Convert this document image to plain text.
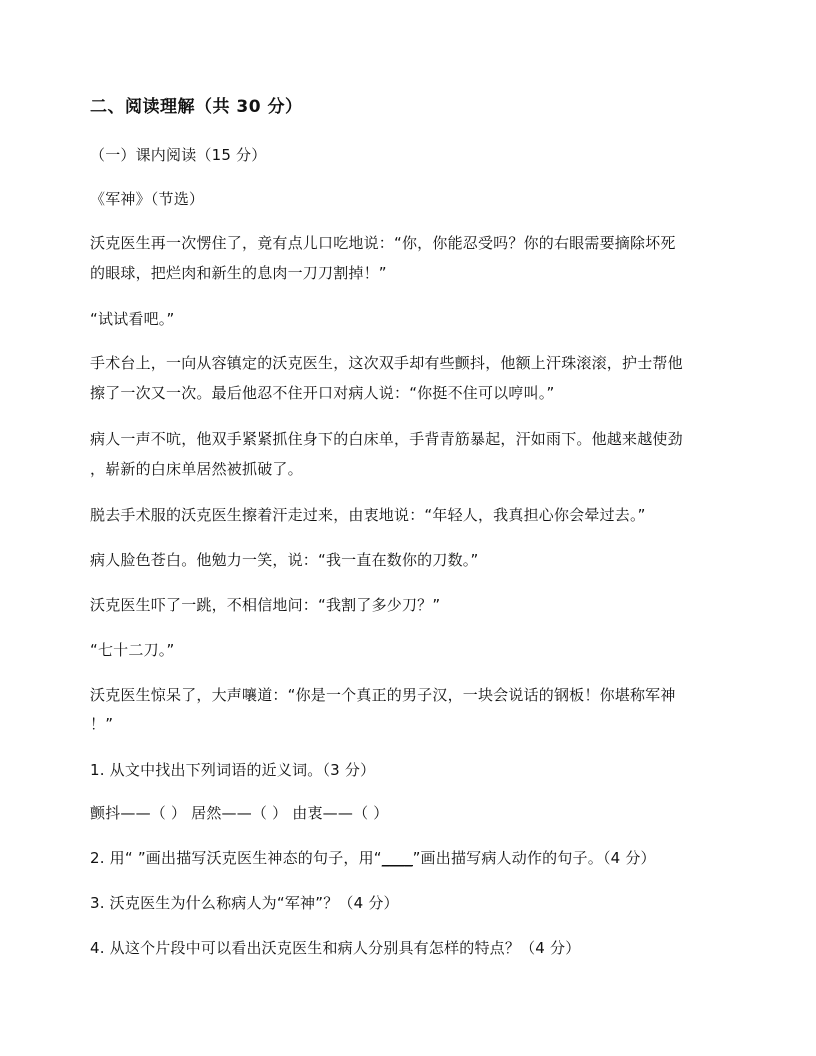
二、阅读理解（共 30 分）
（一）课内阅读（15 分）
《军神》（节选）
沃克医生再一次愣住了，竟有点儿口吃地说：“你，你能忍受吗？你的右眼需要摘除坏死
的眼球，把烂肉和新生的息肉一刀刀割掉！”
“试试看吧。”
手术台上，一向从容镇定的沃克医生，这次双手却有些颤抖，他额上汗珠滚滚，护士帮他
擦了一次又一次。最后他忍不住开口对病人说：“你挺不住可以哼叫。”
病人一声不吭，他双手紧紧抓住身下的白床单，手背青筋暴起，汗如雨下。他越来越使劲
，崭新的白床单居然被抓破了。
脱去手术服的沃克医生擦着汗走过来，由衷地说：“年轻人，我真担心你会晕过去。”
病人脸色苍白。他勉力一笑，说：“我一直在数你的刀数。”
沃克医生吓了一跳，不相信地问：“我割了多少刀？”
“七十二刀。”
沃克医生惊呆了，大声嚷道：“你是一个真正的男子汉，一块会说话的钢板！你堪称军神
！”
1. 从文中找出下列词语的近义词。（3 分）
颤抖——（ ） 居然——（ ） 由衷——（ ）
2. 用“ ”画出描写沃克医生神态的句子，用“____”画出描写病人动作的句子。（4 分）
3. 沃克医生为什么称病人为“军神”？（4 分）
4. 从这个片段中可以看出沃克医生和病人分别具有怎样的特点？（4 分）
